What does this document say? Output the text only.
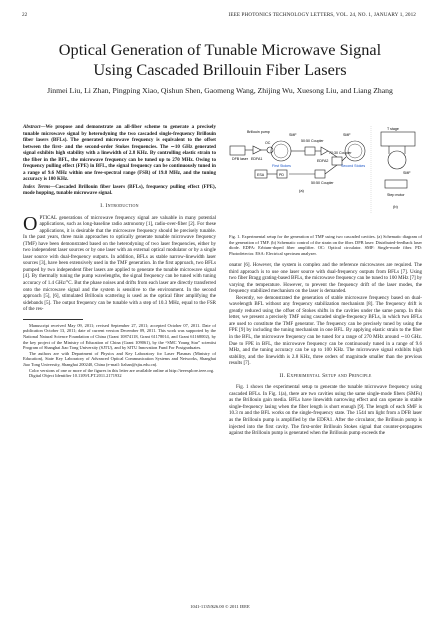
22	IEEE PHOTONICS TECHNOLOGY LETTERS, VOL. 24, NO. 1, JANUARY 1, 2012
Optical Generation of Tunable Microwave Signal
Using Cascaded Brillouin Fiber Lasers
Jinmei Liu, Li Zhan, Pingping Xiao, Qishun Shen, Gaomeng Wang, Zhijing Wu, Xuesong Liu, and Liang Zhang

Abstract—We propose and demonstrate an all-fiber scheme to generate a precisely tunable microwave signal by heterodyning the two cascaded single-frequency Brillouin fiber lasers (BFLs). The generated microwave frequency is equivalent to the offset between the first- and the second-order Stokes frequencies. The ∼10 GHz generated signal exhibits high stability with a linewidth of 2.8 KHz. By controlling elastic strain to the fiber in the BFL, the microwave frequency can be tuned up to 270 MHz. Owing to frequency pulling effect (FPE) in BFL, the signal frequency can be continuously tuned in a range of 9.6 MHz within one free-spectral range (FSR) of 19.8 MHz, and the tuning accuracy is 100 KHz.

Index Terms—Cascaded Brillouin fiber lasers (BFLs), frequency pulling effect (FPE), mode hopping, tunable microwave signal.

I. Introduction

OPTICAL generations of microwave frequency signal are valuable in many potential applications, such as long-baseline radio astronomy [1], radio-over-fiber [2]. For these applications, it is desirable that the microwave frequency should be precisely tunable. In the past years, three main approaches to optically generate tunable microwave frequency (TMF) have been demonstrated based on the heterodyning of two laser frequencies, either by two independent laser sources or by one laser with an external optical modulator or by a single laser source with dual-frequency outputs. In addition, BFLs as stable narrow-linewidth laser sources [3], have been extensively used in the TMF generation. In the first approach, two BFLs pumped by two independent fiber lasers are applied to generate the tunable microwave signal [4]. By thermally tuning the pump wavelengths, the signal frequency can be tuned with tuning accuracy of 1.4 GHz/°C. But the phase noises and drifts from each laser are directly transferred onto the microwave signal and the system is sensitive to the environment. In the second approach [5], [6], stimulated Brillouin scattering is used as the optical filter amplifying the sidebands [5]. The output frequency can be tunable with a step of 10.3 MHz, equal to the FSR of the res-

Manuscript received May 09, 2011; revised September 27, 2011; accepted October 07, 2011. Date of publication October 13, 2011; date of current version December 09, 2011. This work was supported by the National Natural Science Foundation of China (Grant 10874118, Grant 61178014, and Grant 61168002), by the key project of the Ministry of Education of China (Grant 109061), by the “SMC Young Star” scientist Program of Shanghai Jiao Tong University (SJTU), and by SJTU Innovation Fund For Postgraduates.

The authors are with Department of Physics and Key Laboratory for Laser Plasmas (Ministry of Education), State Key Laboratory of Advanced Optical Communication Systems and Networks, Shanghai Jiao Tong University, Shanghai 200240, China (e-mail: lizhan@sjtu.edu.cn).

Color versions of one or more of the figures in this letter are available online at http://ieeexplore.ieee.org.

Digital Object Identifier 10.1109/LPT.2011.2171932

DFB laser
Brillouin pump
EDFA1
SMF
First Stokes
50:50 Coupler
EDFA2
70:30 Coupler
SMF
Second Stokes
50:50 Coupler
PD
ESA
OC
(a)
T stage
SMF
Step motor
(b)

Fig. 1. Experimental setup for the generation of TMF using two cascaded cavities. (a) Schematic diagram of the generation of TMF. (b) Schematic control of the strain on the fiber. DFB laser: Distributed-feedback laser diode. EDFA: Erbium-doped fiber amplifier. OC: Optical circulator. SMF: Single-mode fiber. PD: Photodetector. ESA: Electrical spectrum analyzer.

onator [6]. However, the system is complex and the reference microwaves are required. The third approach is to use one laser source with dual-frequency outputs from BFLs [7]. Using two fiber Bragg grating-based BFLs, the microwave frequency can be tuned to 100 MHz [7] by varying the temperature. However, to prevent the frequency drift of the laser modes, the frequency stabilized mechanism on the laser is demanded.

Recently, we demonstrated the generation of stable microwave frequency based on dual-wavelength BFL without any frequency stabilization mechanism [8]. The frequency drift is greatly reduced using the offset of Stokes shifts in the cavities under the same pump. In this letter, we present a precisely TMF using cascaded single-frequency BFLs, in which two BFLs are used to constitute the TMF generator. The frequency can be precisely tuned by using the FPE [9] by including the tuning mechanism in one BFL. By applying elastic strain to the fiber in the BFL, the microwave frequency can be tuned for a range of 270 MHz around ∼10 GHz. Due to FPE in BFL, the microwave frequency can be continuously tuned in a range of 9.6 MHz, and the tuning accuracy can be up to 100 KHz. The microwave signal exhibits high stability, and the linewidth is 2.8 KHz, three orders of magnitude smaller than the previous results [7].

II. Experimental Setup and Principle

Fig. 1 shows the experimental setup to generate the tunable microwave frequency using cascaded BFLs. In Fig. 1(a), there are two cavities using the same single-mode fibers (SMFs) as the Brillouin gain media. BFLs have linewidth narrowing effect and can operate in stable single-frequency lasing when the fiber length is short enough [9]. The length of each SMF is 10.3 m and the BFL works on the single-frequency state. The 1544 nm light from a DFB laser as the Brillouin pump is amplified by the EDFA1. After the circulator, the Brillouin pump is injected into the first cavity. The first-order Brillouin Stokes signal that counter-propagates against the Brillouin pump is generated when the Brillouin pump exceeds the

1041-1135/$26.00 © 2011 IEEE
